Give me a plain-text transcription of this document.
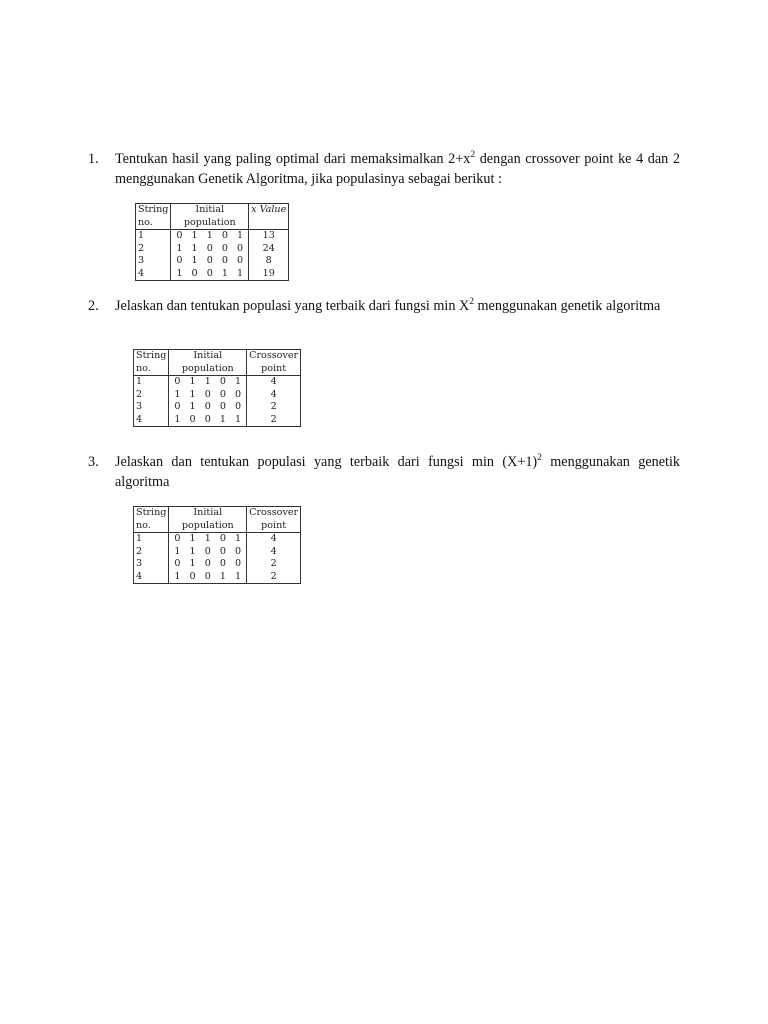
1. Tentukan hasil yang paling optimal dari memaksimalkan $2+x^2$ dengan crossover point ke 4 dan 2 menggunakan Genetik Algoritma, jika populasinya sebagai berikut :
String	Initial	x Value
no.	population	
1	0 1 1 0 1	13
2	1 1 0 0 0	24
3	0 1 0 0 0	8
4	1 0 0 1 1	19
2. Jelaskan dan tentukan populasi yang terbaik dari fungsi $\min X^2$ menggunakan genetik algoritma
String	Initial	Crossover
no.	population	point
1	0 1 1 0 1	4
2	1 1 0 0 0	4
3	0 1 0 0 0	2
4	1 0 0 1 1	2
3. Jelaskan dan tentukan populasi yang terbaik dari fungsi $\min (X+1)^2$ menggunakan genetik algoritma
String	Initial	Crossover
no.	population	point
1	0 1 1 0 1	4
2	1 1 0 0 0	4
3	0 1 0 0 0	2
4	1 0 0 1 1	2
